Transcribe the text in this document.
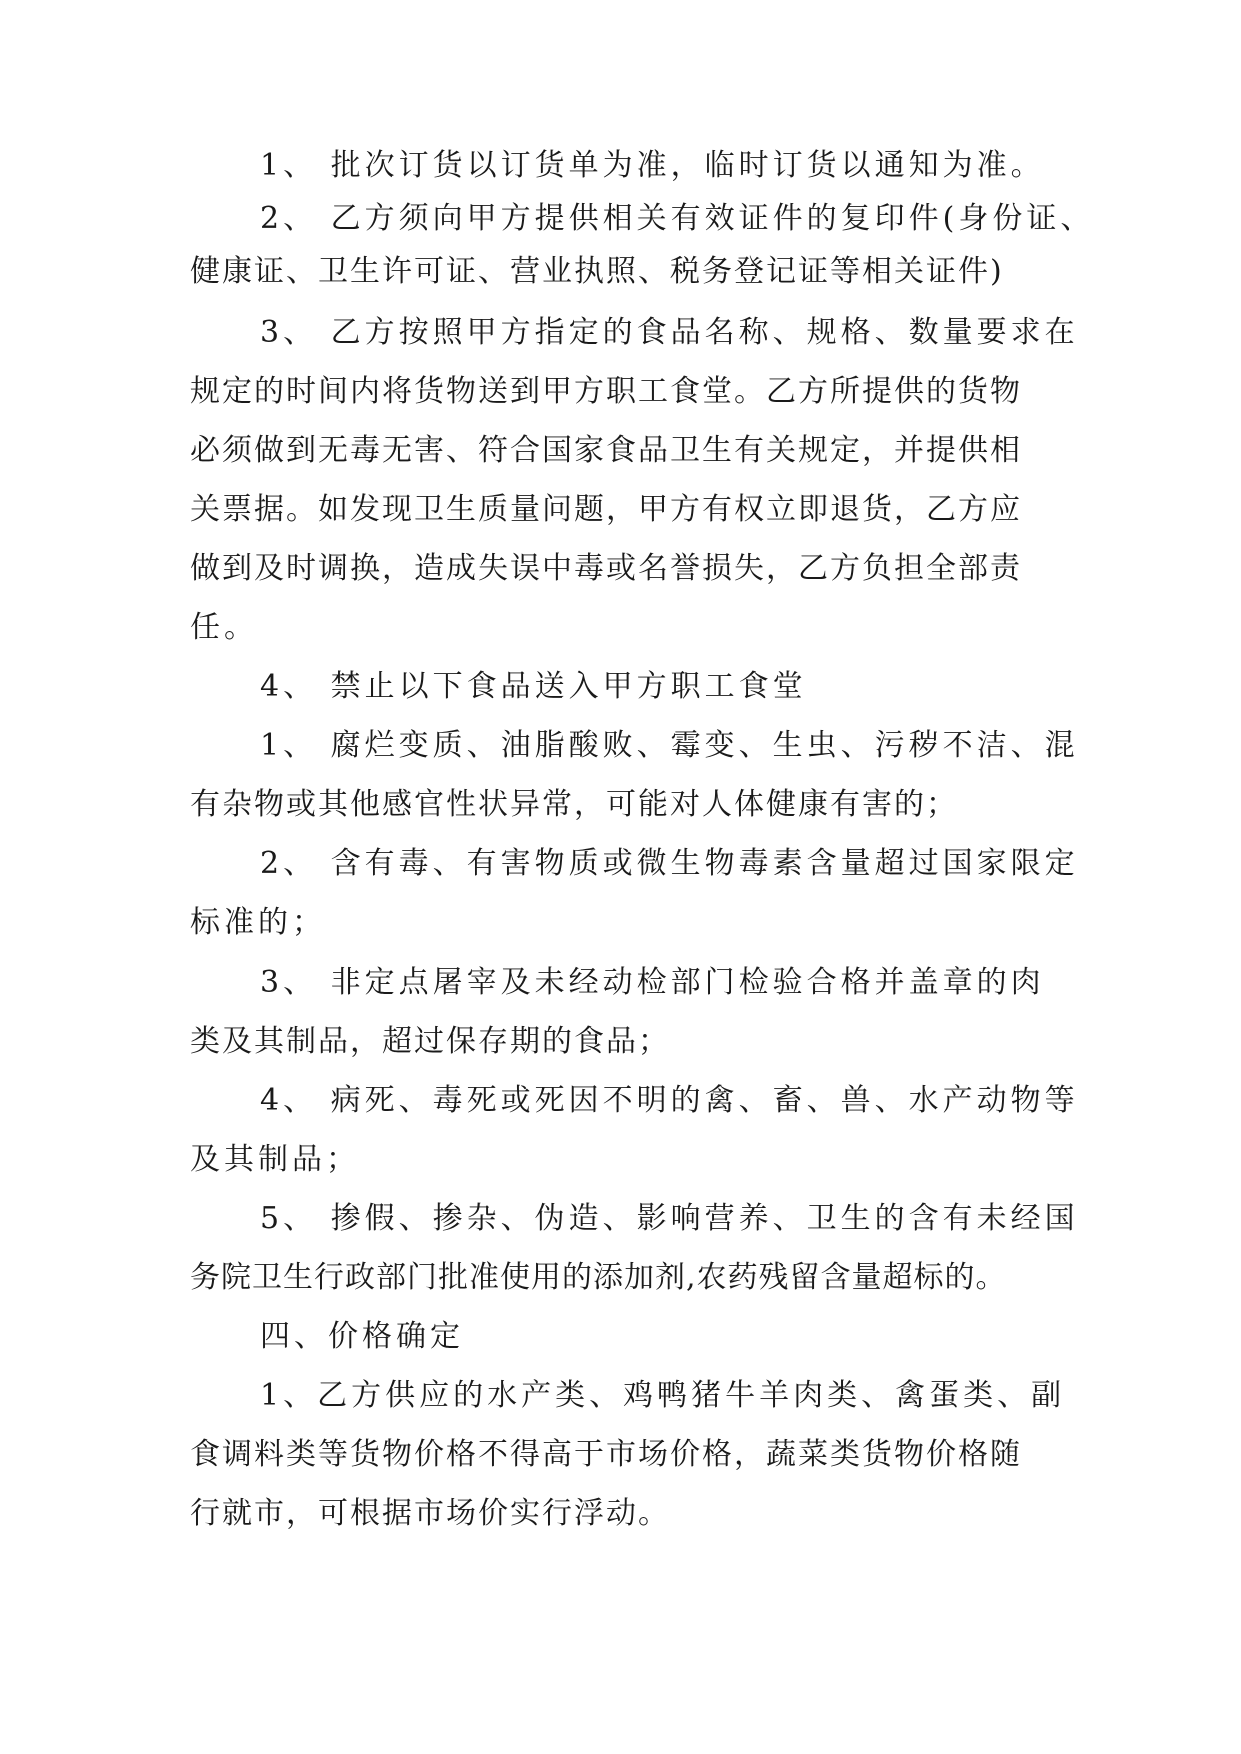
1、 批次订货以订货单为准，临时订货以通知为准。

2、 乙方须向甲方提供相关有效证件的复印件(身份证、

健康证、卫生许可证、营业执照、税务登记证等相关证件)

3、 乙方按照甲方指定的食品名称、规格、数量要求在

规定的时间内将货物送到甲方职工食堂。乙方所提供的货物

必须做到无毒无害、符合国家食品卫生有关规定，并提供相

关票据。如发现卫生质量问题，甲方有权立即退货，乙方应

做到及时调换，造成失误中毒或名誉损失，乙方负担全部责

任。

4、 禁止以下食品送入甲方职工食堂

1、 腐烂变质、油脂酸败、霉变、生虫、污秽不洁、混

有杂物或其他感官性状异常，可能对人体健康有害的；

2、 含有毒、有害物质或微生物毒素含量超过国家限定

标准的；

3、 非定点屠宰及未经动检部门检验合格并盖章的肉

类及其制品，超过保存期的食品；

4、 病死、毒死或死因不明的禽、畜、兽、水产动物等

及其制品；

5、 掺假、掺杂、伪造、影响营养、卫生的含有未经国

务院卫生行政部门批准使用的添加剂,农药残留含量超标的。

四、价格确定

1、乙方供应的水产类、鸡鸭猪牛羊肉类、禽蛋类、副

食调料类等货物价格不得高于市场价格，蔬菜类货物价格随

行就市，可根据市场价实行浮动。
